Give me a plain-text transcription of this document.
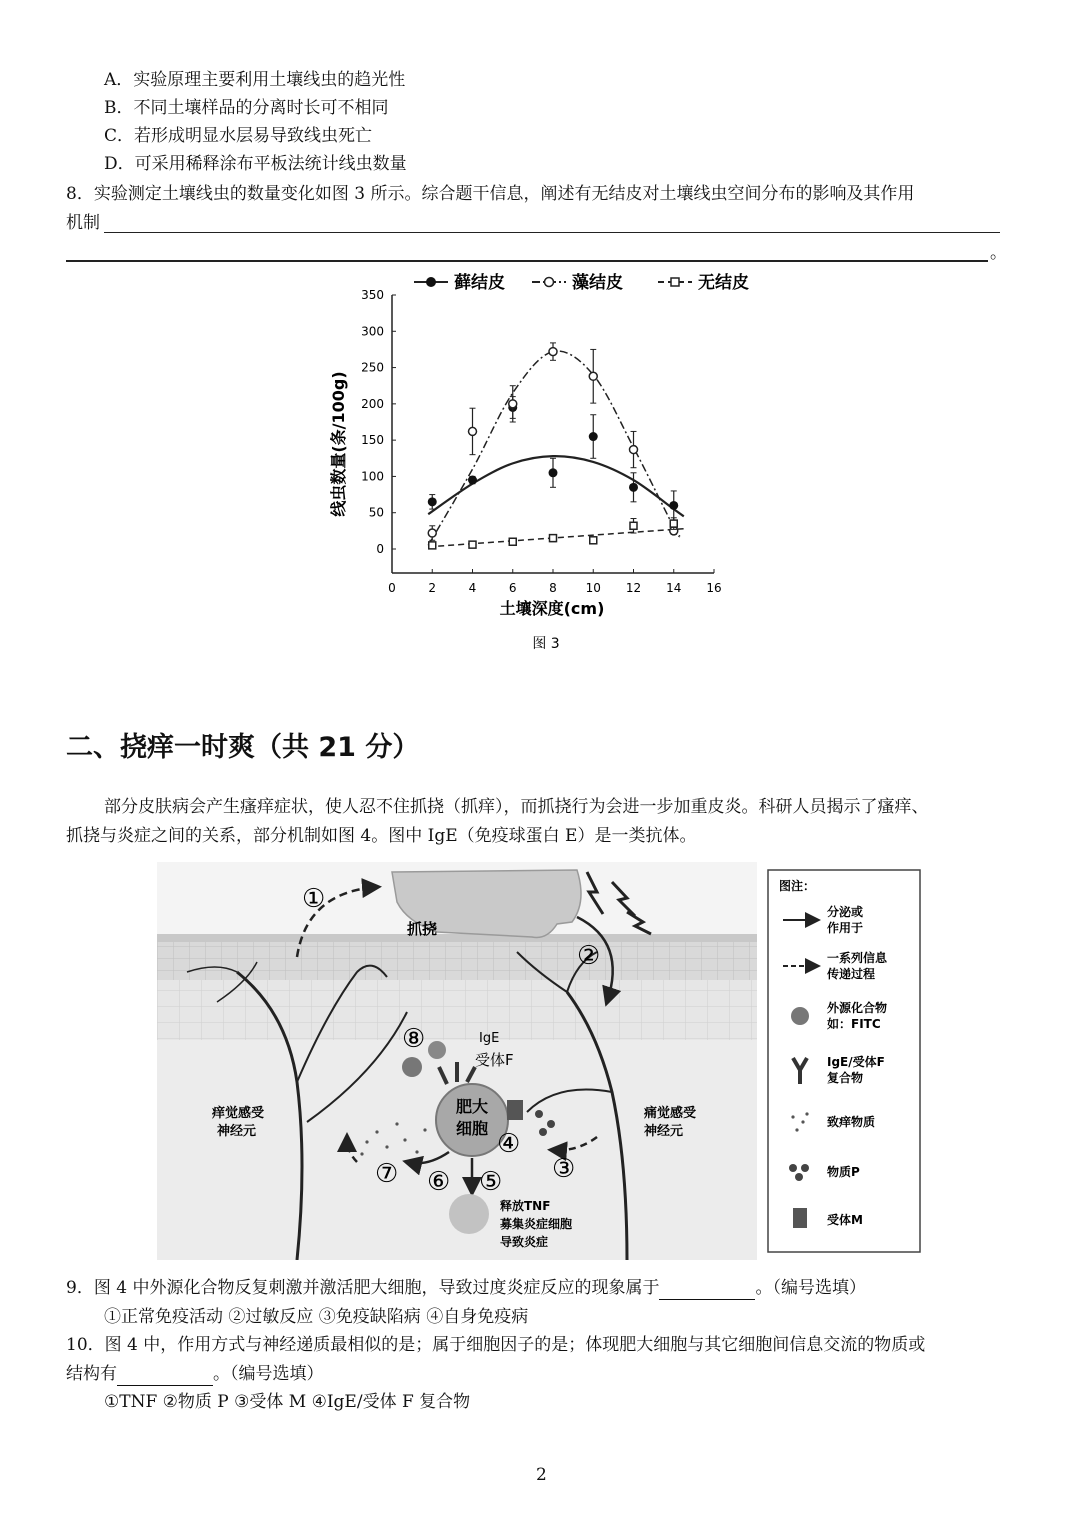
A．实验原理主要利用土壤线虫的趋光性
B．不同土壤样品的分离时长可不相同
C．若形成明显水层易导致线虫死亡
D．可采用稀释涂布平板法统计线虫数量
8．实验测定土壤线虫的数量变化如图 3 所示。综合题干信息，阐述有无结皮对土壤线虫空间分布的影响及其作用
机制
。
藓结皮	藻结皮	无结皮
0	2	4	6	8 10 12 14 16
0
50
100
150
200
250
300
350
土壤深度(cm)
线虫数量(条/100g)
图 3
二、挠痒一时爽（共 21 分）
部分皮肤病会产生瘙痒症状，使人忍不住抓挠（抓痒），而抓挠行为会进一步加重皮炎。科研人员揭示了瘙痒、
抓挠与炎症之间的关系，部分机制如图 4。图中 IgE（免疫球蛋白 E）是一类抗体。
①
②
③
④
⑤
⑥
⑦
⑧
抓挠
痒觉感受
神经元
痛觉感受
神经元
肥大
细胞
IgE
受体F
释放TNF
募集炎症细胞
导致炎症
图注：
分泌或
作用于
一系列信息
传递过程
外源化合物
如：FITC
IgE/受体F
复合物
致痒物质
物质P
受体M
9．图 4 中外源化合物反复刺激并激活肥大细胞，导致过度炎症反应的现象属于	。（编号选填）
①正常免疫活动 ②过敏反应 ③免疫缺陷病 ④自身免疫病
10．图 4 中，作用方式与神经递质最相似的是；属于细胞因子的是；体现肥大细胞与其它细胞间信息交流的物质或
结构有	。（编号选填）
①TNF ②物质 P ③受体 M ④IgE/受体 F 复合物
2
